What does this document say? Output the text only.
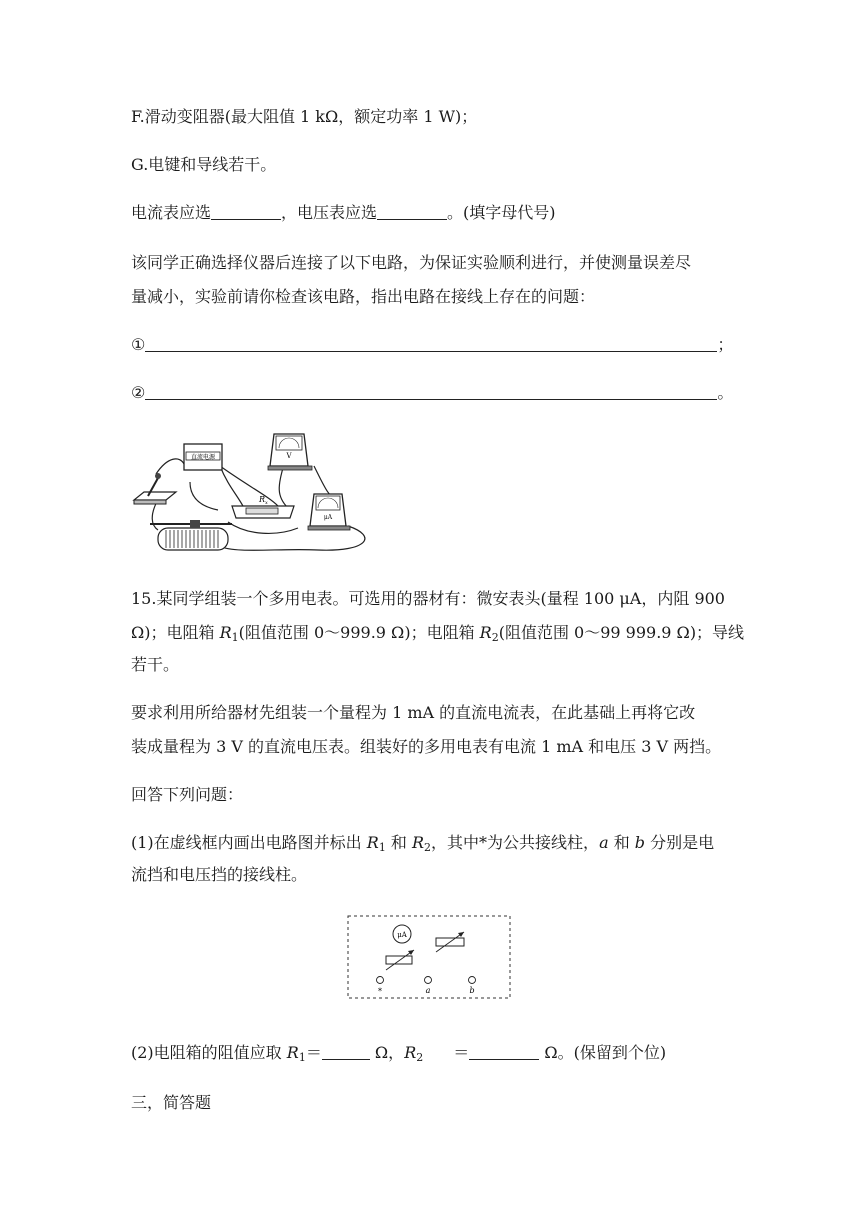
F.滑动变阻器(最大阻值 1 kΩ，额定功率 1 W)；
G.电键和导线若干。
电流表应选	，电压表应选	。(填字母代号)
该同学正确选择仪器后连接了以下电路，为保证实验顺利进行，并使测量误差尽
量减小，实验前请你检查该电路，指出电路在接线上存在的问题：
①	；
②	。
直流电源	V
R x
μA
15.某同学组装一个多用电表。可选用的器材有：微安表头(量程 100 μA，内阻 900
Ω)；电阻箱 $R_1$(阻值范围 0～999.9 Ω)；电阻箱 $R_2$(阻值范围 0～99 999.9 Ω)；导线
若干。
要求利用所给器材先组装一个量程为 1 mA 的直流电流表，在此基础上再将它改
装成量程为 3 V 的直流电压表。组装好的多用电表有电流 1 mA 和电压 3 V 两挡。
回答下列问题：
(1)在虚线框内画出电路图并标出 $R_1$ 和 $R_2$，其中*为公共接线柱，a 和 b 分别是电
流挡和电压挡的接线柱。
μA
*	a	b
(2)电阻箱的阻值应取 $R_1=$	Ω，$R_2$ ＝	Ω。(保留到个位)
三，简答题
